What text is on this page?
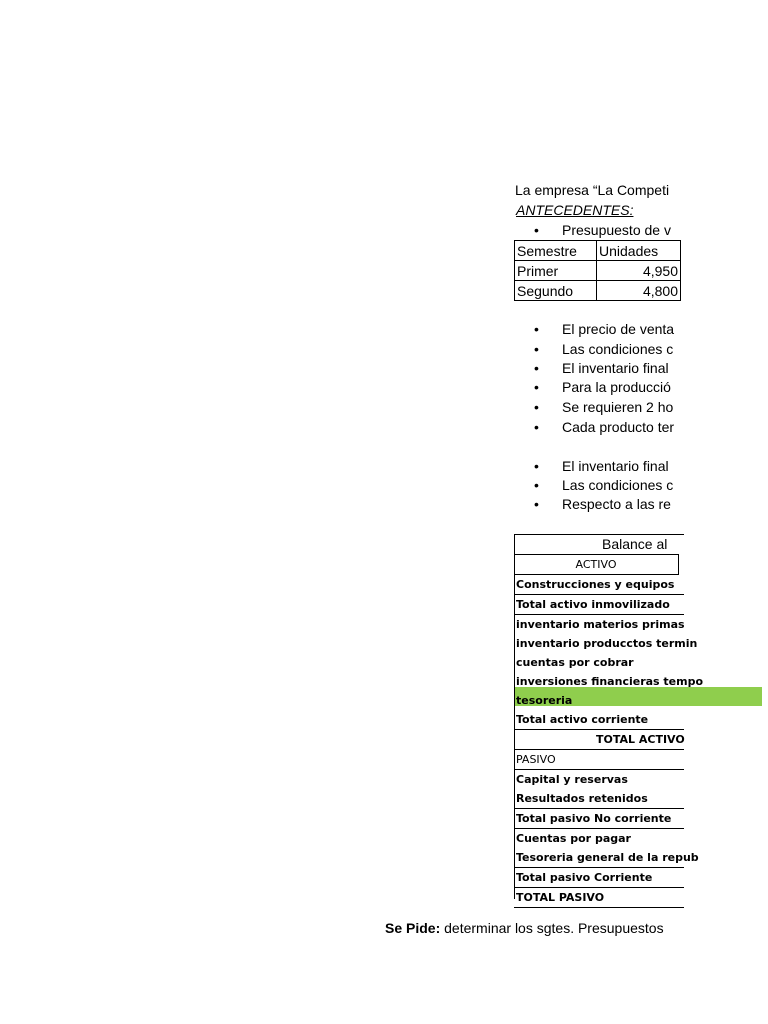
La empresa “La Competi
ANTECEDENTES:
• Presupuesto de v
Semestre	Unidades
Primer	4,950
Segundo	4,800
• El precio de venta
• Las condiciones c
• El inventario final
• Para la producció
• Se requieren 2 ho
• Cada producto ter
• El inventario final
• Las condiciones c
• Respecto a las re
Balance al
ACTIVO
Construcciones y equipos
Total activo inmovilizado
inventario materios primas
inventario producctos termin
cuentas por cobrar
inversiones financieras tempo
tesoreria
Total activo corriente
TOTAL ACTIVO
PASIVO
Capital y reservas
Resultados retenidos
Total pasivo No corriente
Cuentas por pagar
Tesoreria general de la repub
Total pasivo Corriente
TOTAL PASIVO
Se Pide: determinar los sgtes. Presupuestos
